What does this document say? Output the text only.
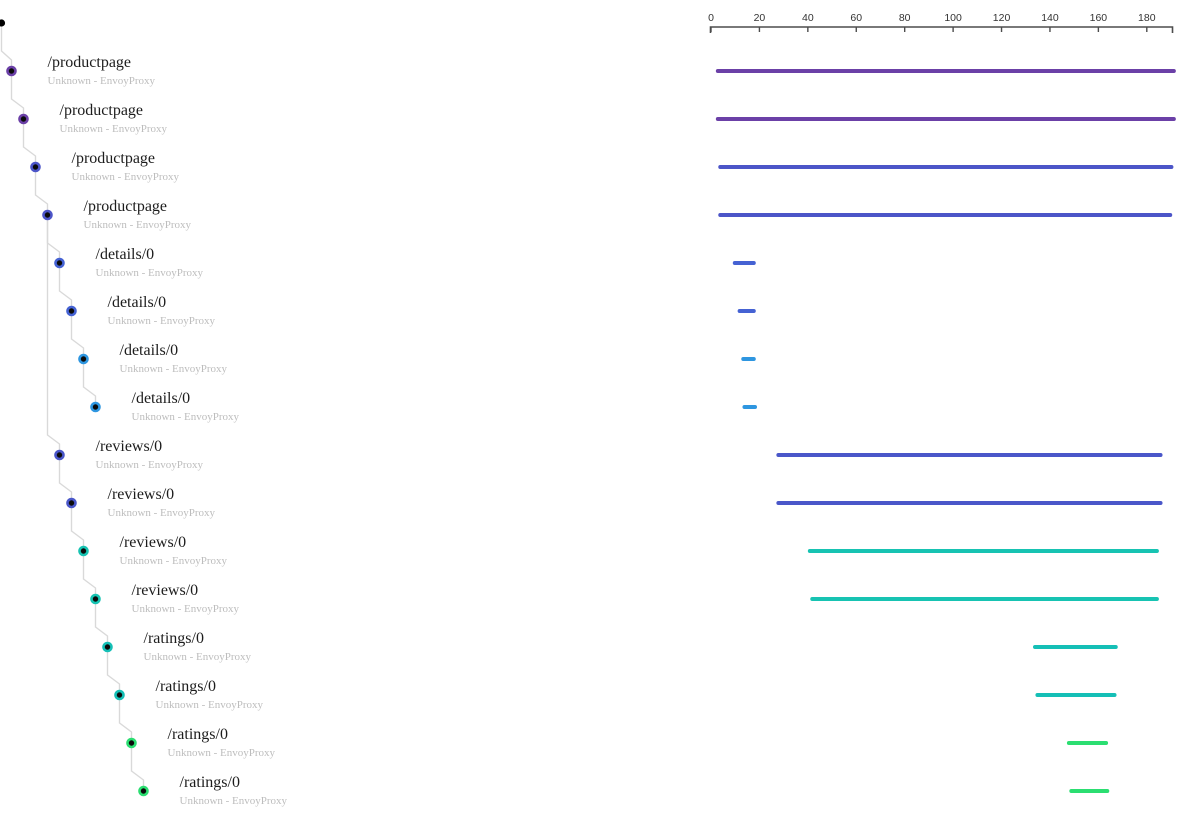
0	20	40	60	80	100	120	140	160	180
/productpage
Unknown - EnvoyProxy
/productpage
Unknown - EnvoyProxy
/productpage
Unknown - EnvoyProxy
/productpage
Unknown - EnvoyProxy
/details/0
Unknown - EnvoyProxy
/details/0
Unknown - EnvoyProxy
/details/0
Unknown - EnvoyProxy
/details/0
Unknown - EnvoyProxy
/reviews/0
Unknown - EnvoyProxy
/reviews/0
Unknown - EnvoyProxy
/reviews/0
Unknown - EnvoyProxy
/reviews/0
Unknown - EnvoyProxy
/ratings/0
Unknown - EnvoyProxy
/ratings/0
Unknown - EnvoyProxy
/ratings/0
Unknown - EnvoyProxy
/ratings/0
Unknown - EnvoyProxy
